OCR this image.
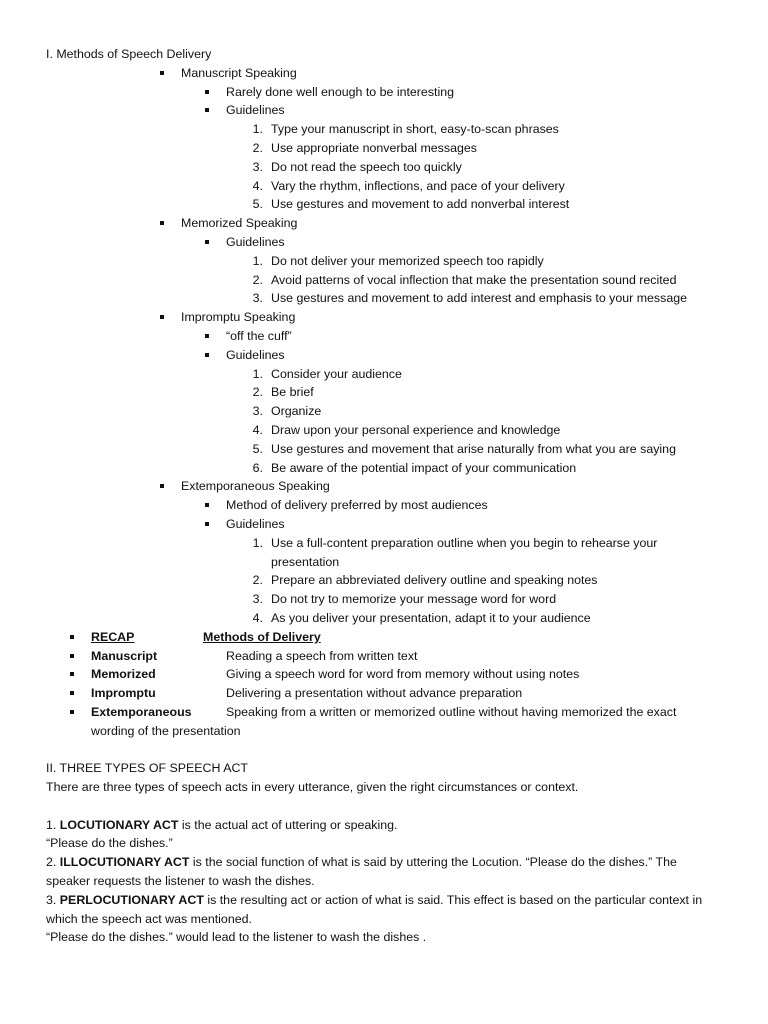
I. Methods of Speech Delivery
Manuscript Speaking
Rarely done well enough to be interesting
Guidelines
1. Type your manuscript in short, easy-to-scan phrases
2. Use appropriate nonverbal messages
3. Do not read the speech too quickly
4. Vary the rhythm, inflections, and pace of your delivery
5. Use gestures and movement to add nonverbal interest
Memorized Speaking
Guidelines
1. Do not deliver your memorized speech too rapidly
2. Avoid patterns of vocal inflection that make the presentation sound recited
3. Use gestures and movement to add interest and emphasis to your message
Impromptu Speaking
“off the cuff”
Guidelines
1. Consider your audience
2. Be brief
3. Organize
4. Draw upon your personal experience and knowledge
5. Use gestures and movement that arise naturally from what you are saying
6. Be aware of the potential impact of your communication
Extemporaneous Speaking
Method of delivery preferred by most audiences
Guidelines
1. Use a full-content preparation outline when you begin to rehearse your
presentation
2. Prepare an abbreviated delivery outline and speaking notes
3. Do not try to memorize your message word for word
4. As you deliver your presentation, adapt it to your audience
RECAP	Methods of Delivery
Manuscript	Reading a speech from written text
Memorized	Giving a speech word for word from memory without using notes
Impromptu	Delivering a presentation without advance preparation
Extemporaneous	Speaking from a written or memorized outline without having memorized the exact
wording of the presentation
II. THREE TYPES OF SPEECH ACT
There are three types of speech acts in every utterance, given the right circumstances or context.
1. LOCUTIONARY ACT is the actual act of uttering or speaking.
“Please do the dishes.”
2. ILLOCUTIONARY ACT is the social function of what is said by uttering the Locution. “Please do the dishes.” The
speaker requests the listener to wash the dishes.
3. PERLOCUTIONARY ACT is the resulting act or action of what is said. This effect is based on the particular context in
which the speech act was mentioned.
“Please do the dishes.” would lead to the listener to wash the dishes .
